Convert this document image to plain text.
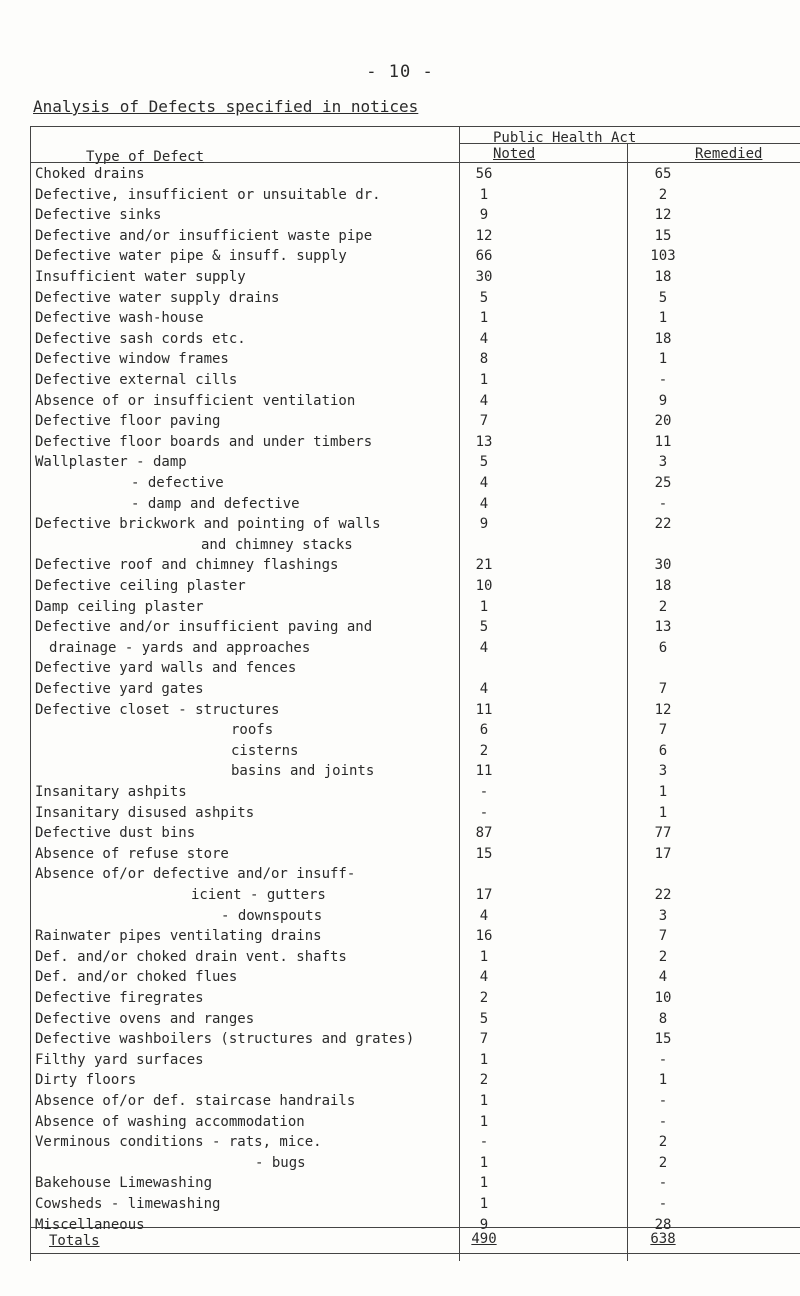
- 10 -
Analysis of Defects specified in notices
Type of Defect
Public Health Act
Noted	Remedied
Choked drains	56	65
Defective, insufficient or unsuitable dr.	1	2
Defective sinks	9	12
Defective and/or insufficient waste pipe	12	15
Defective water pipe & insuff. supply	66	103
Insufficient water supply	30	18
Defective water supply drains	5	5
Defective wash-house	1	1
Defective sash cords etc.	4	18
Defective window frames	8	1
Defective external cills	1	-
Absence of or insufficient ventilation	4	9
Defective floor paving	7	20
Defective floor boards and under timbers	13	11
Wallplaster - damp	5	3
- defective	4	25
- damp and defective	4	-
Defective brickwork and pointing of walls	9	22
and chimney stacks
Defective roof and chimney flashings	21	30
Defective ceiling plaster	10	18
Damp ceiling plaster	1	2
Defective and/or insufficient paving and	5	13
drainage - yards and approaches	4	6
Defective yard walls and fences
Defective yard gates	4	7
Defective closet - structures	11	12
roofs	6	7
cisterns	2	6
basins and joints	11	3
Insanitary ashpits	-	1
Insanitary disused ashpits	-	1
Defective dust bins	87	77
Absence of refuse store	15	17
Absence of/or defective and/or insuff-
icient - gutters	17	22
- downspouts	4	3
Rainwater pipes ventilating drains	16	7
Def. and/or choked drain vent. shafts	1	2
Def. and/or choked flues	4	4
Defective firegrates	2	10
Defective ovens and ranges	5	8
Defective washboilers (structures and grates)	7	15
Filthy yard surfaces	1	-
Dirty floors	2	1
Absence of/or def. staircase handrails	1	-
Absence of washing accommodation	1	-
Verminous conditions - rats, mice.	-	2
- bugs	1	2
Bakehouse Limewashing	1	-
Cowsheds - limewashing	1	-
Miscellaneous	9	28
Totals	490	638
